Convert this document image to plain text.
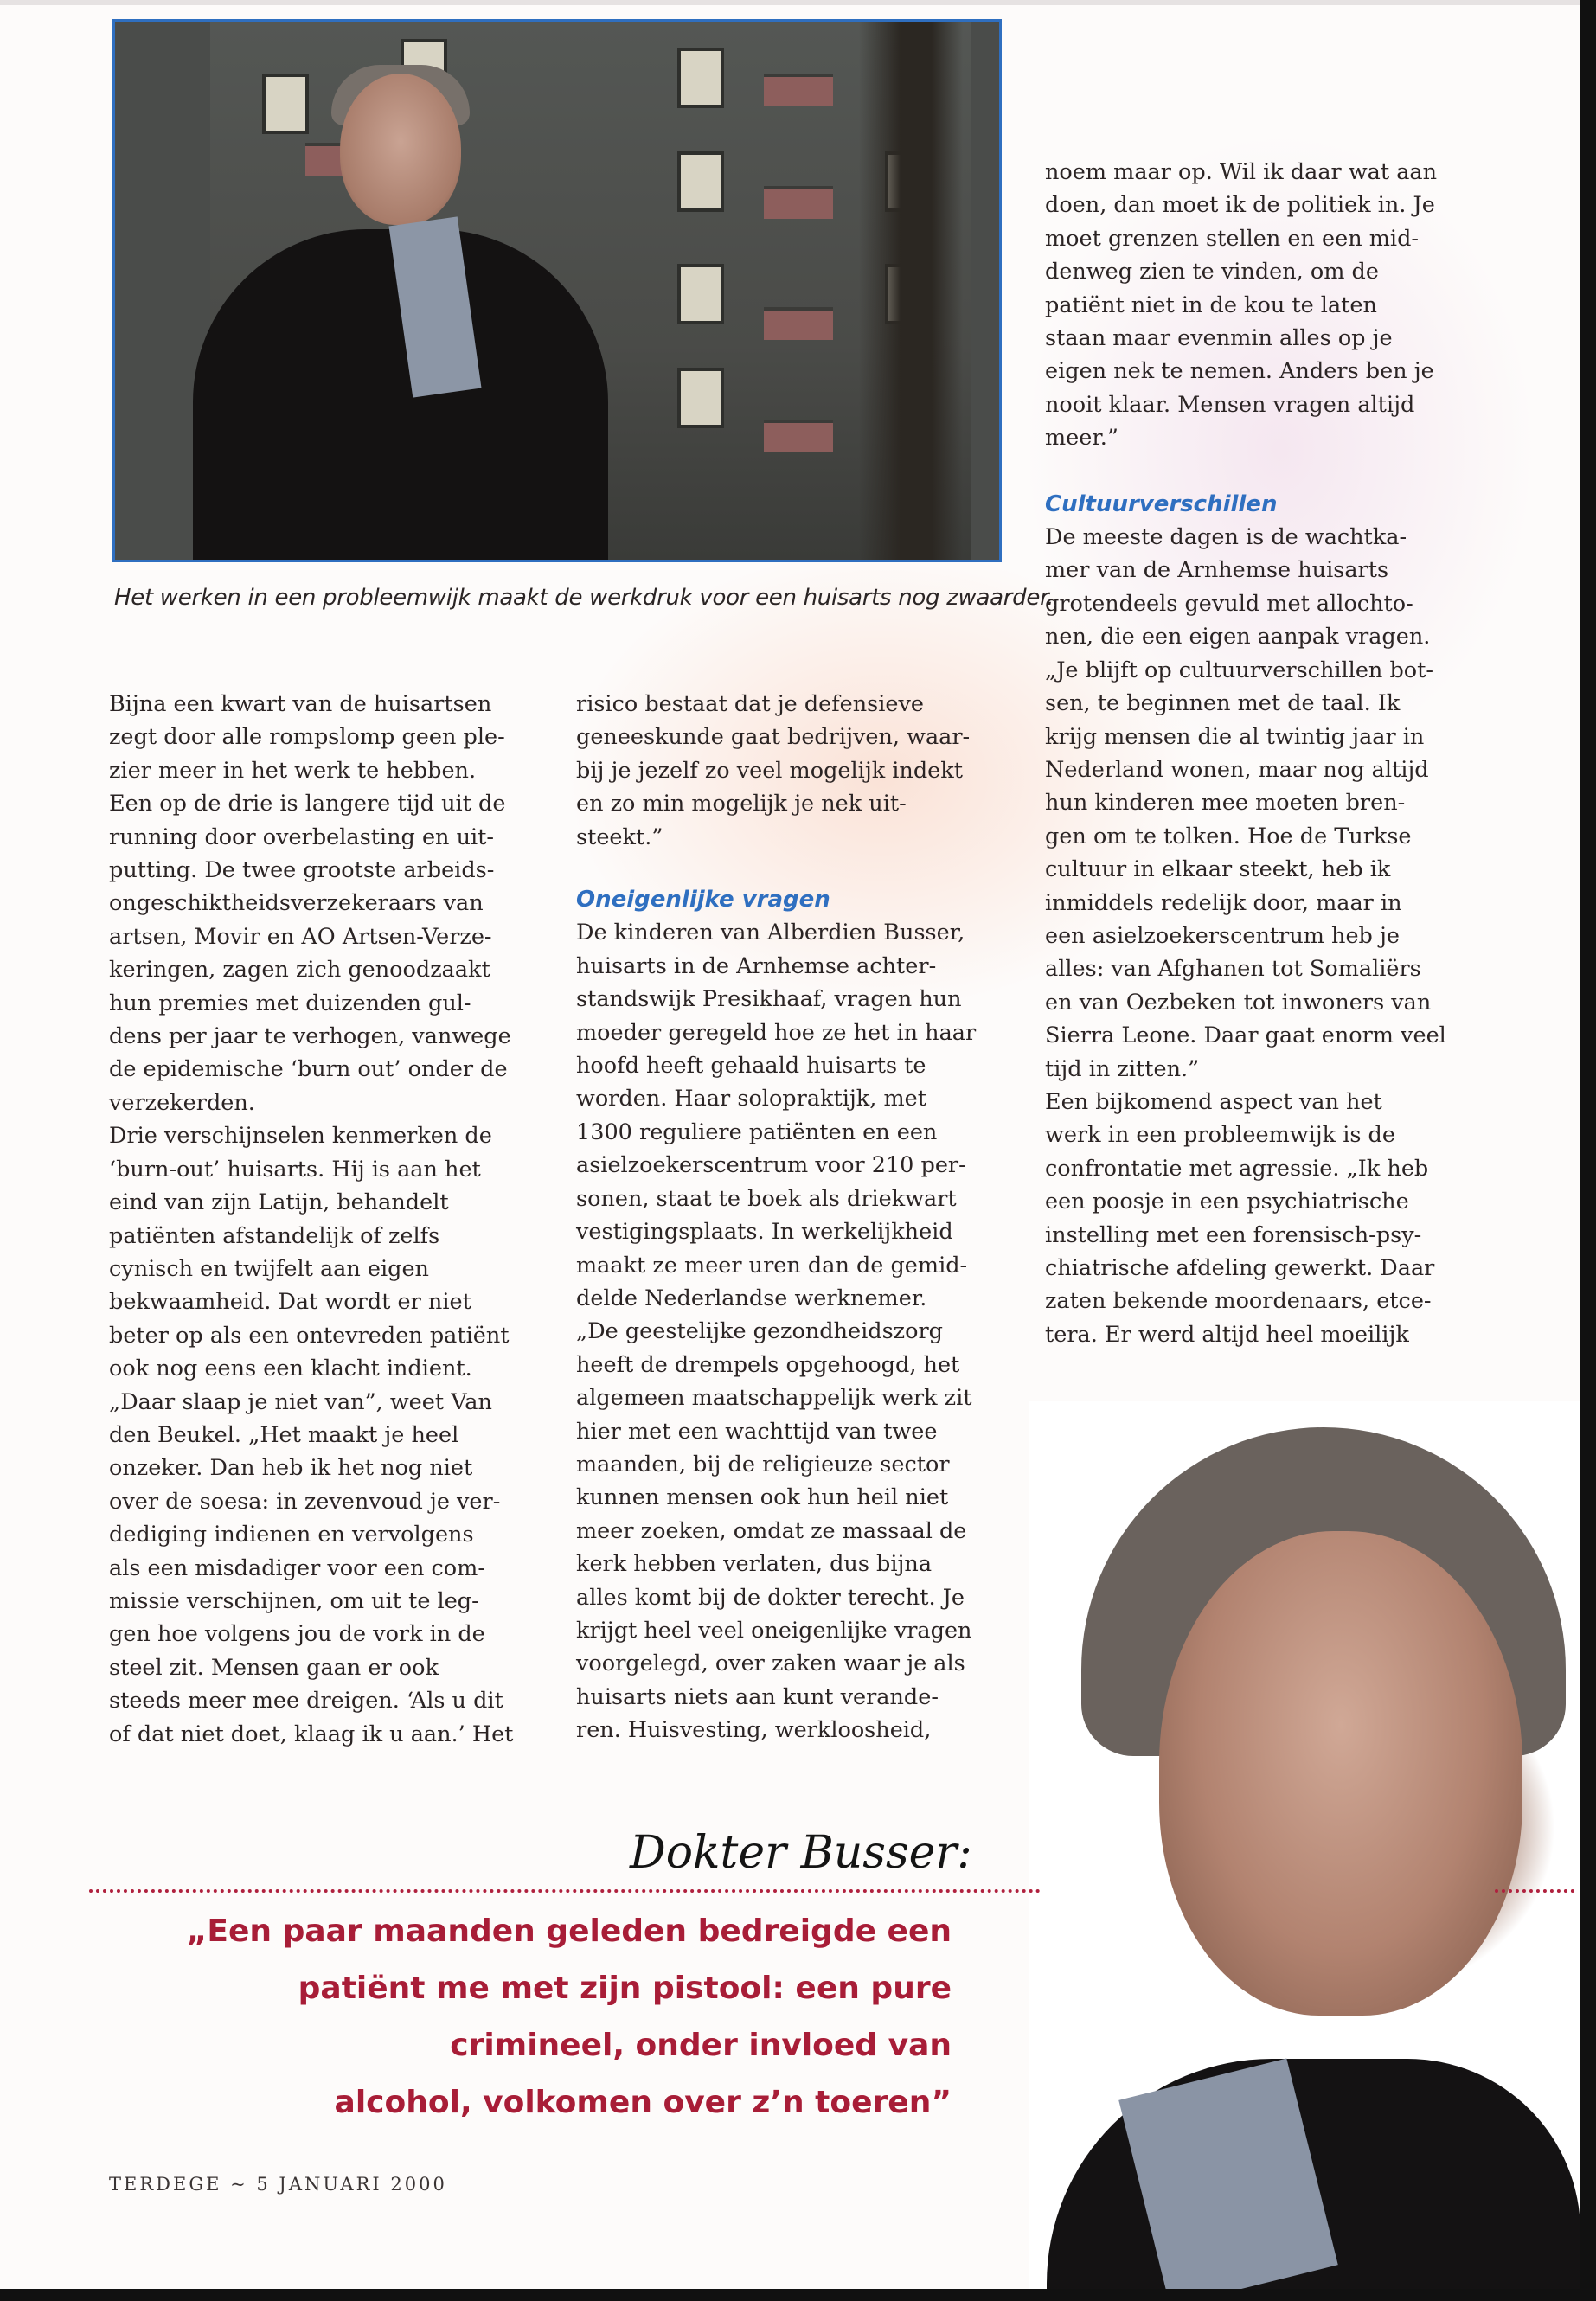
Het werken in een probleemwijk maakt de werkdruk voor een huisarts nog zwaarder.

Bijna een kwart van de huisartsen

zegt door alle rompslomp geen ple-

zier meer in het werk te hebben.

Een op de drie is langere tijd uit de

running door overbelasting en uit-

putting. De twee grootste arbeids-

ongeschiktheidsverzekeraars van

artsen, Movir en AO Artsen-Verze-

keringen, zagen zich genoodzaakt

hun premies met duizenden gul-

dens per jaar te verhogen, vanwege

de epidemische ‘burn out’ onder de

verzekerden.

Drie verschijnselen kenmerken de

‘burn-out’ huisarts. Hij is aan het

eind van zijn Latijn, behandelt

patiënten afstandelijk of zelfs

cynisch en twijfelt aan eigen

bekwaamheid. Dat wordt er niet

beter op als een ontevreden patiënt

ook nog eens een klacht indient.

„Daar slaap je niet van”, weet Van

den Beukel. „Het maakt je heel

onzeker. Dan heb ik het nog niet

over de soesa: in zevenvoud je ver-

dediging indienen en vervolgens

als een misdadiger voor een com-

missie verschijnen, om uit te leg-

gen hoe volgens jou de vork in de

steel zit. Mensen gaan er ook

steeds meer mee dreigen. ‘Als u dit

of dat niet doet, klaag ik u aan.’ Het

risico bestaat dat je defensieve

geneeskunde gaat bedrijven, waar-

bij je jezelf zo veel mogelijk indekt

en zo min mogelijk je nek uit-

steekt.”

Oneigenlijke vragen

De kinderen van Alberdien Busser,

huisarts in de Arnhemse achter-

standswijk Presikhaaf, vragen hun

moeder geregeld hoe ze het in haar

hoofd heeft gehaald huisarts te

worden. Haar solopraktijk, met

1300 reguliere patiënten en een

asielzoekerscentrum voor 210 per-

sonen, staat te boek als driekwart

vestigingsplaats. In werkelijkheid

maakt ze meer uren dan de gemid-

delde Nederlandse werknemer.

„De geestelijke gezondheidszorg

heeft de drempels opgehoogd, het

algemeen maatschappelijk werk zit

hier met een wachttijd van twee

maanden, bij de religieuze sector

kunnen mensen ook hun heil niet

meer zoeken, omdat ze massaal de

kerk hebben verlaten, dus bijna

alles komt bij de dokter terecht. Je

krijgt heel veel oneigenlijke vragen

voorgelegd, over zaken waar je als

huisarts niets aan kunt verande-

ren. Huisvesting, werkloosheid,

noem maar op. Wil ik daar wat aan

doen, dan moet ik de politiek in. Je

moet grenzen stellen en een mid-

denweg zien te vinden, om de

patiënt niet in de kou te laten

staan maar evenmin alles op je

eigen nek te nemen. Anders ben je

nooit klaar. Mensen vragen altijd

meer.”

Cultuurverschillen

De meeste dagen is de wachtka-

mer van de Arnhemse huisarts

grotendeels gevuld met allochto-

nen, die een eigen aanpak vragen.

„Je blijft op cultuurverschillen bot-

sen, te beginnen met de taal. Ik

krijg mensen die al twintig jaar in

Nederland wonen, maar nog altijd

hun kinderen mee moeten bren-

gen om te tolken. Hoe de Turkse

cultuur in elkaar steekt, heb ik

inmiddels redelijk door, maar in

een asielzoekerscentrum heb je

alles: van Afghanen tot Somaliërs

en van Oezbeken tot inwoners van

Sierra Leone. Daar gaat enorm veel

tijd in zitten.”

Een bijkomend aspect van het

werk in een probleemwijk is de

confrontatie met agressie. „Ik heb

een poosje in een psychiatrische

instelling met een forensisch-psy-

chiatrische afdeling gewerkt. Daar

zaten bekende moordenaars, etce-

tera. Er werd altijd heel moeilijk

Dokter Busser:
„Een paar maanden geleden bedreigde een
patiënt me met zijn pistool: een pure
crimineel, onder invloed van
alcohol, volkomen over z’n toeren”
TERDEGE ~ 5 JANUARI 2000
